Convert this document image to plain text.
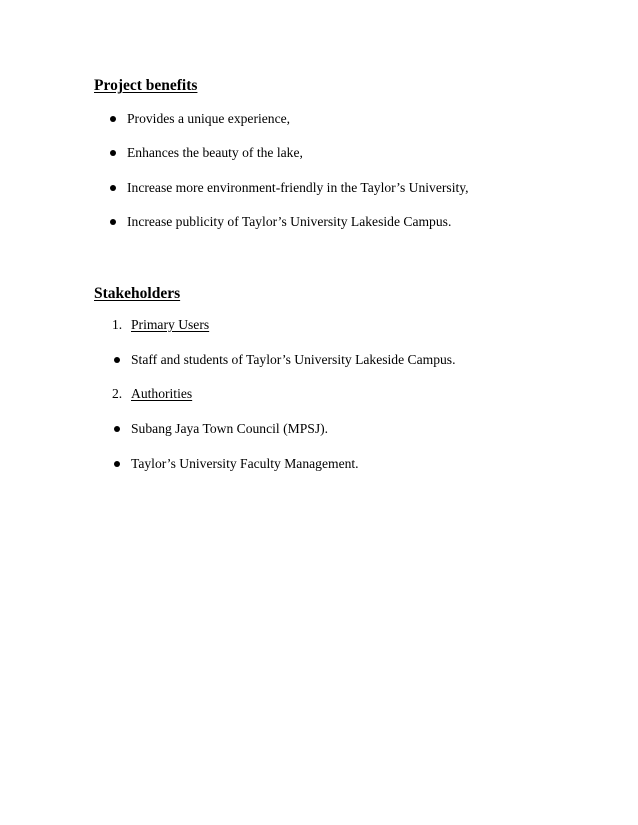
Project benefits
Provides a unique experience,
Enhances the beauty of the lake,
Increase more environment-friendly in the Taylor’s University,
Increase publicity of Taylor’s University Lakeside Campus.
Stakeholders
1. Primary Users
Staff and students of Taylor’s University Lakeside Campus.
2. Authorities
Subang Jaya Town Council (MPSJ).
Taylor’s University Faculty Management.
